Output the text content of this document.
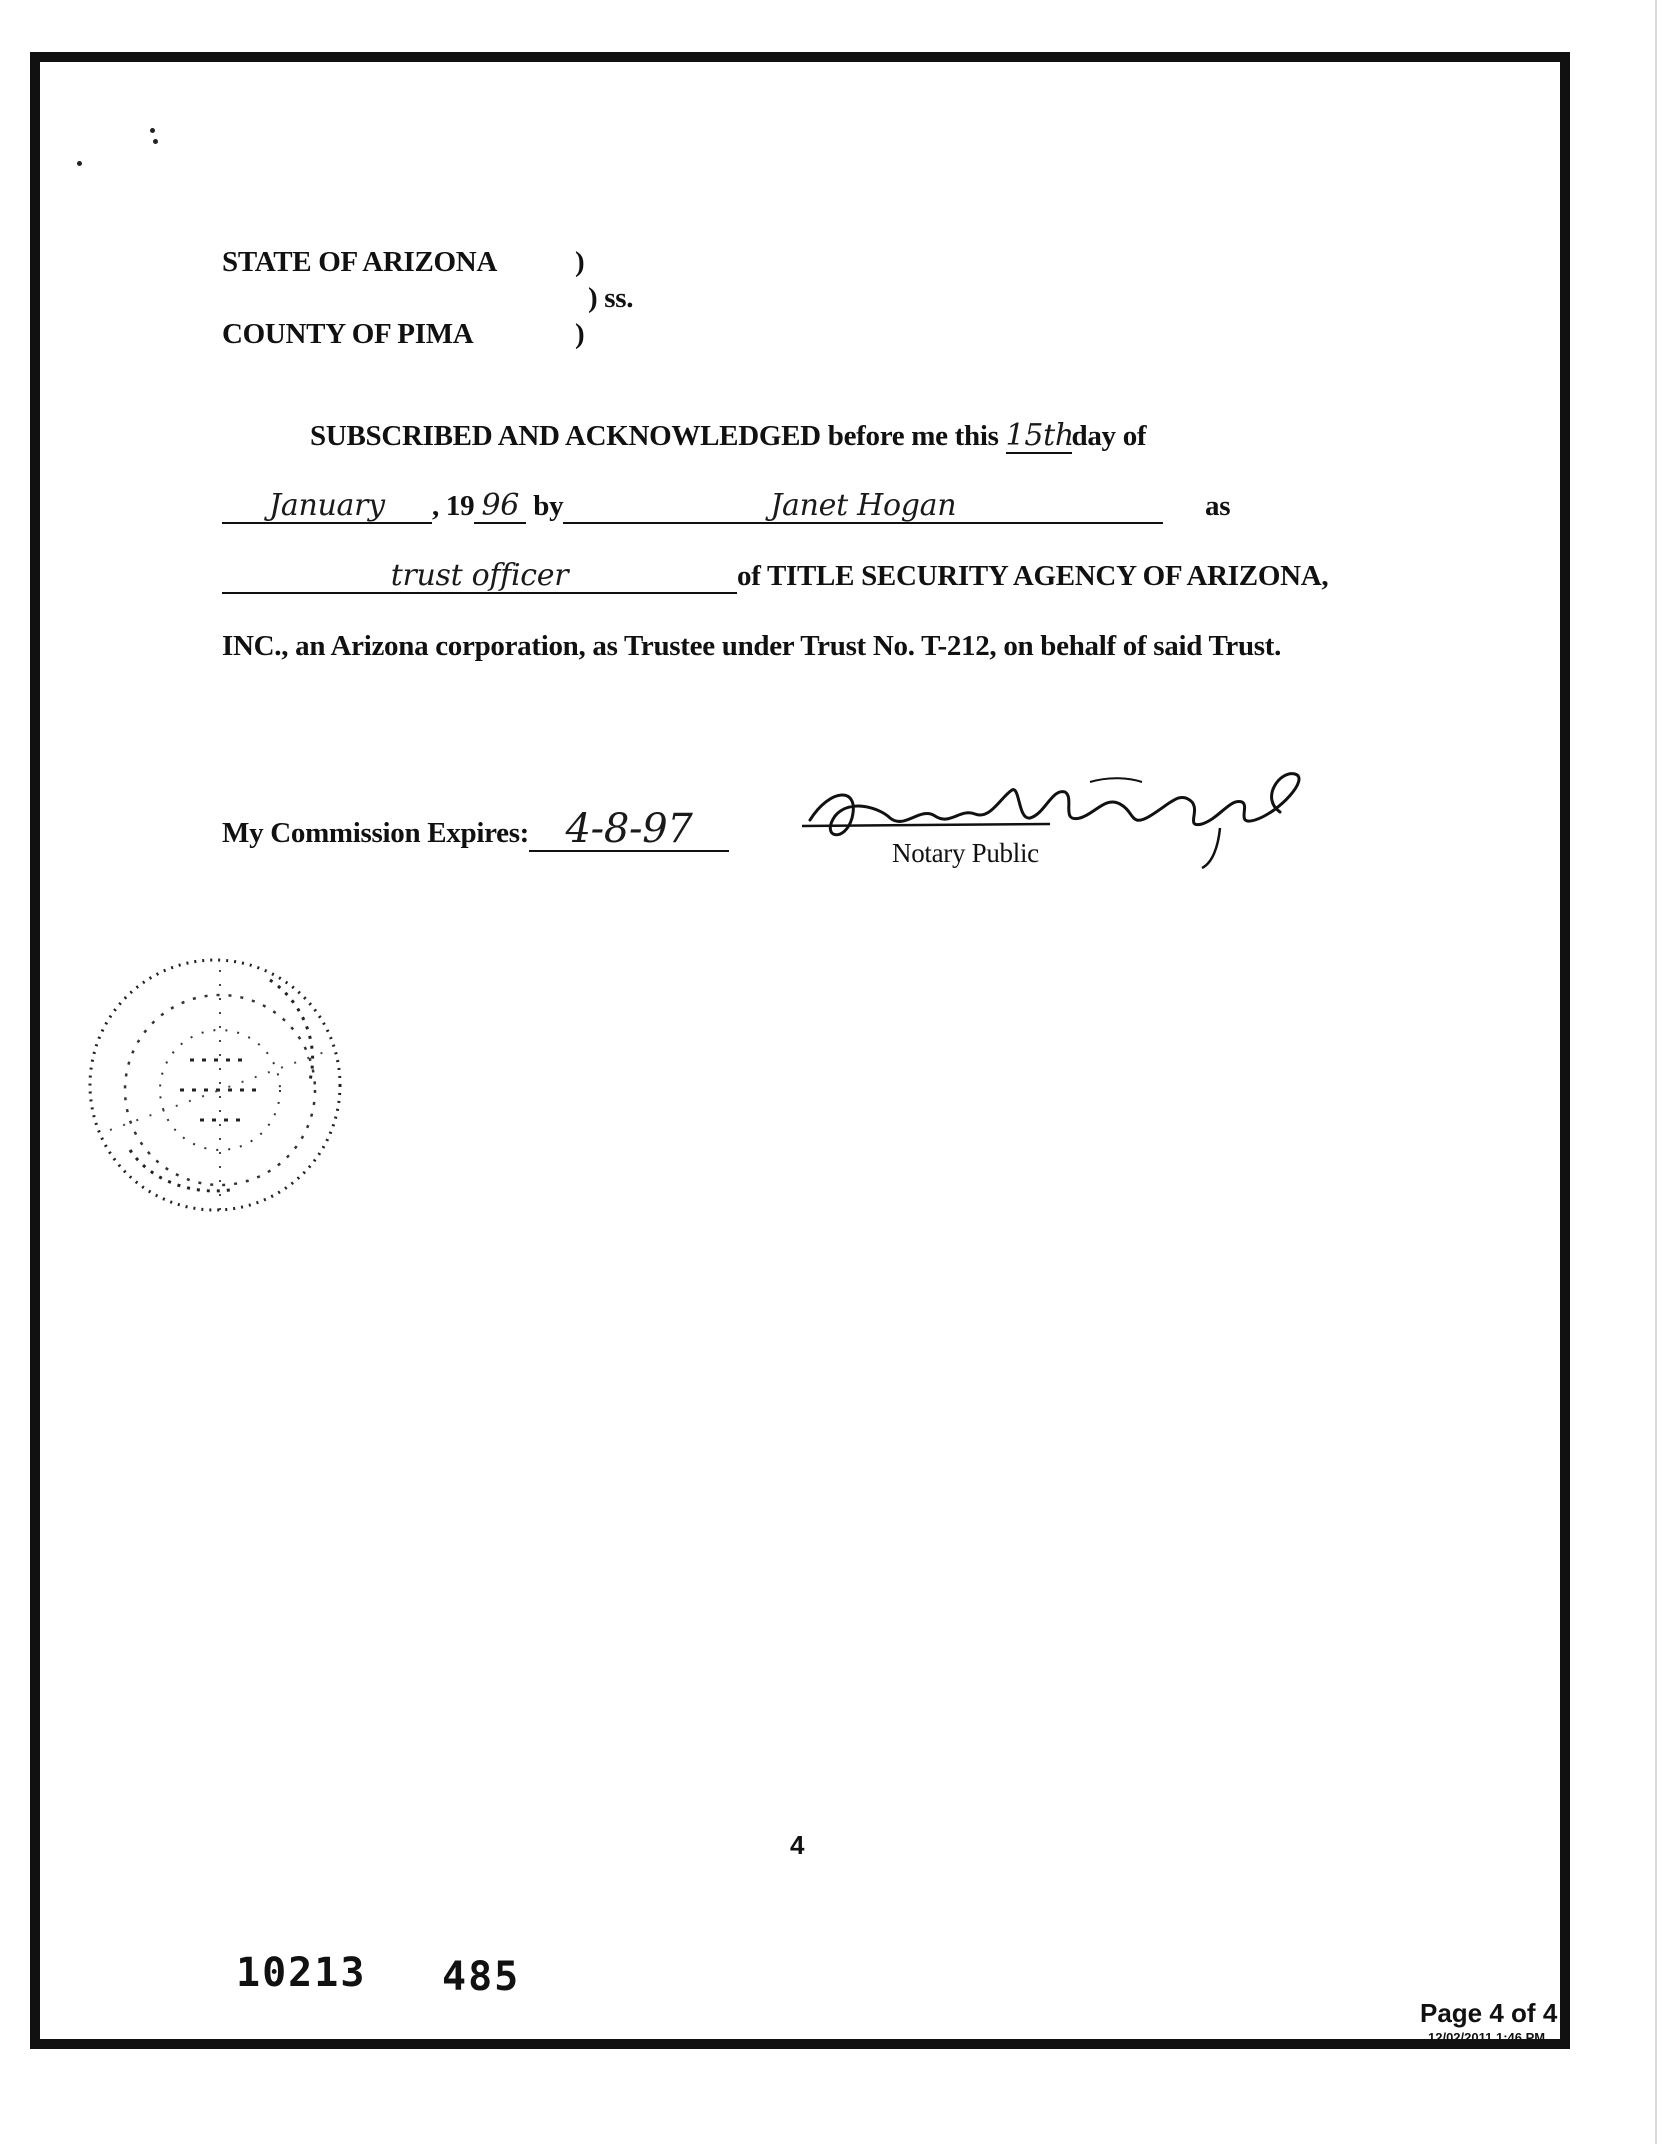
STATE OF ARIZONA	)
) ss.
COUNTY OF PIMA	)
SUBSCRIBED AND ACKNOWLEDGED before me this 15thday of
January , 19 96 by	Janet Hogan	as
trust officer	of TITLE SECURITY AGENCY OF ARIZONA,
INC., an Arizona corporation, as Trustee under Trust No. T-212, on behalf of said Trust.
My Commission Expires: 4-8-97
Notary Public
4
10213 485
Page 4 of 4
12/02/2011 1:46 PM
